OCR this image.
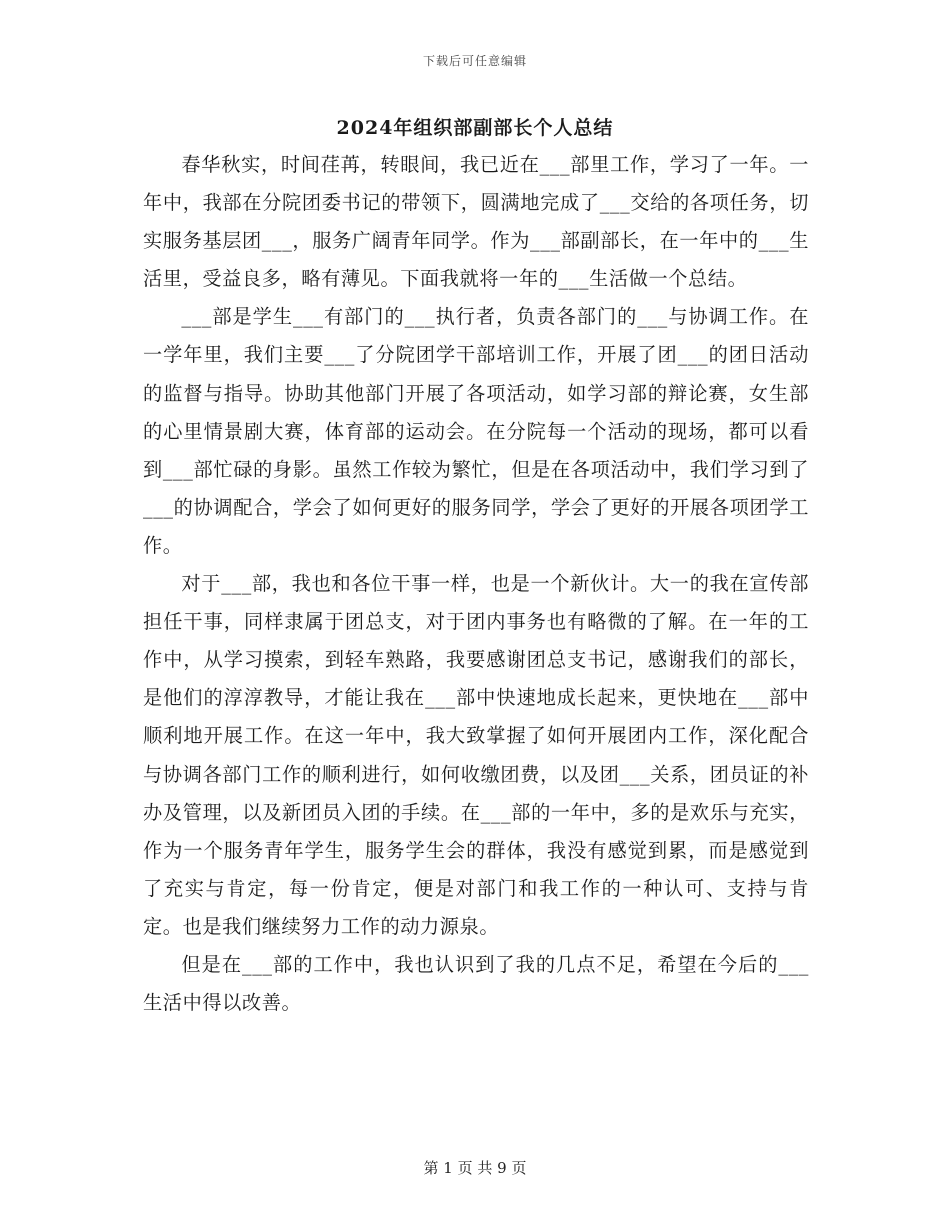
下载后可任意编辑
2024年组织部副部长个人总结

春华秋实，时间荏苒，转眼间，我已近在___部里工作，学习了一年。一年中，我部在分院团委书记的带领下，圆满地完成了___交给的各项任务，切实服务基层团___，服务广阔青年同学。作为___部副部长，在一年中的___生活里，受益良多，略有薄见。下面我就将一年的___生活做一个总结。

___部是学生___有部门的___执行者，负责各部门的___与协调工作。在一学年里，我们主要___了分院团学干部培训工作，开展了团___的团日活动的监督与指导。协助其他部门开展了各项活动，如学习部的辩论赛，女生部的心里情景剧大赛，体育部的运动会。在分院每一个活动的现场，都可以看到___部忙碌的身影。虽然工作较为繁忙，但是在各项活动中，我们学习到了___的协调配合，学会了如何更好的服务同学，学会了更好的开展各项团学工作。

对于___部，我也和各位干事一样，也是一个新伙计。大一的我在宣传部担任干事，同样隶属于团总支，对于团内事务也有略微的了解。在一年的工作中，从学习摸索，到轻车熟路，我要感谢团总支书记，感谢我们的部长，是他们的淳淳教导，才能让我在___部中快速地成长起来，更快地在___部中顺利地开展工作。在这一年中，我大致掌握了如何开展团内工作，深化配合与协调各部门工作的顺利进行，如何收缴团费，以及团___关系，团员证的补办及管理，以及新团员入团的手续。在___部的一年中，多的是欢乐与充实，作为一个服务青年学生，服务学生会的群体，我没有感觉到累，而是感觉到了充实与肯定，每一份肯定，便是对部门和我工作的一种认可、支持与肯定。也是我们继续努力工作的动力源泉。

但是在___部的工作中，我也认识到了我的几点不足，希望在今后的___生活中得以改善。

第 1 页 共 9 页
